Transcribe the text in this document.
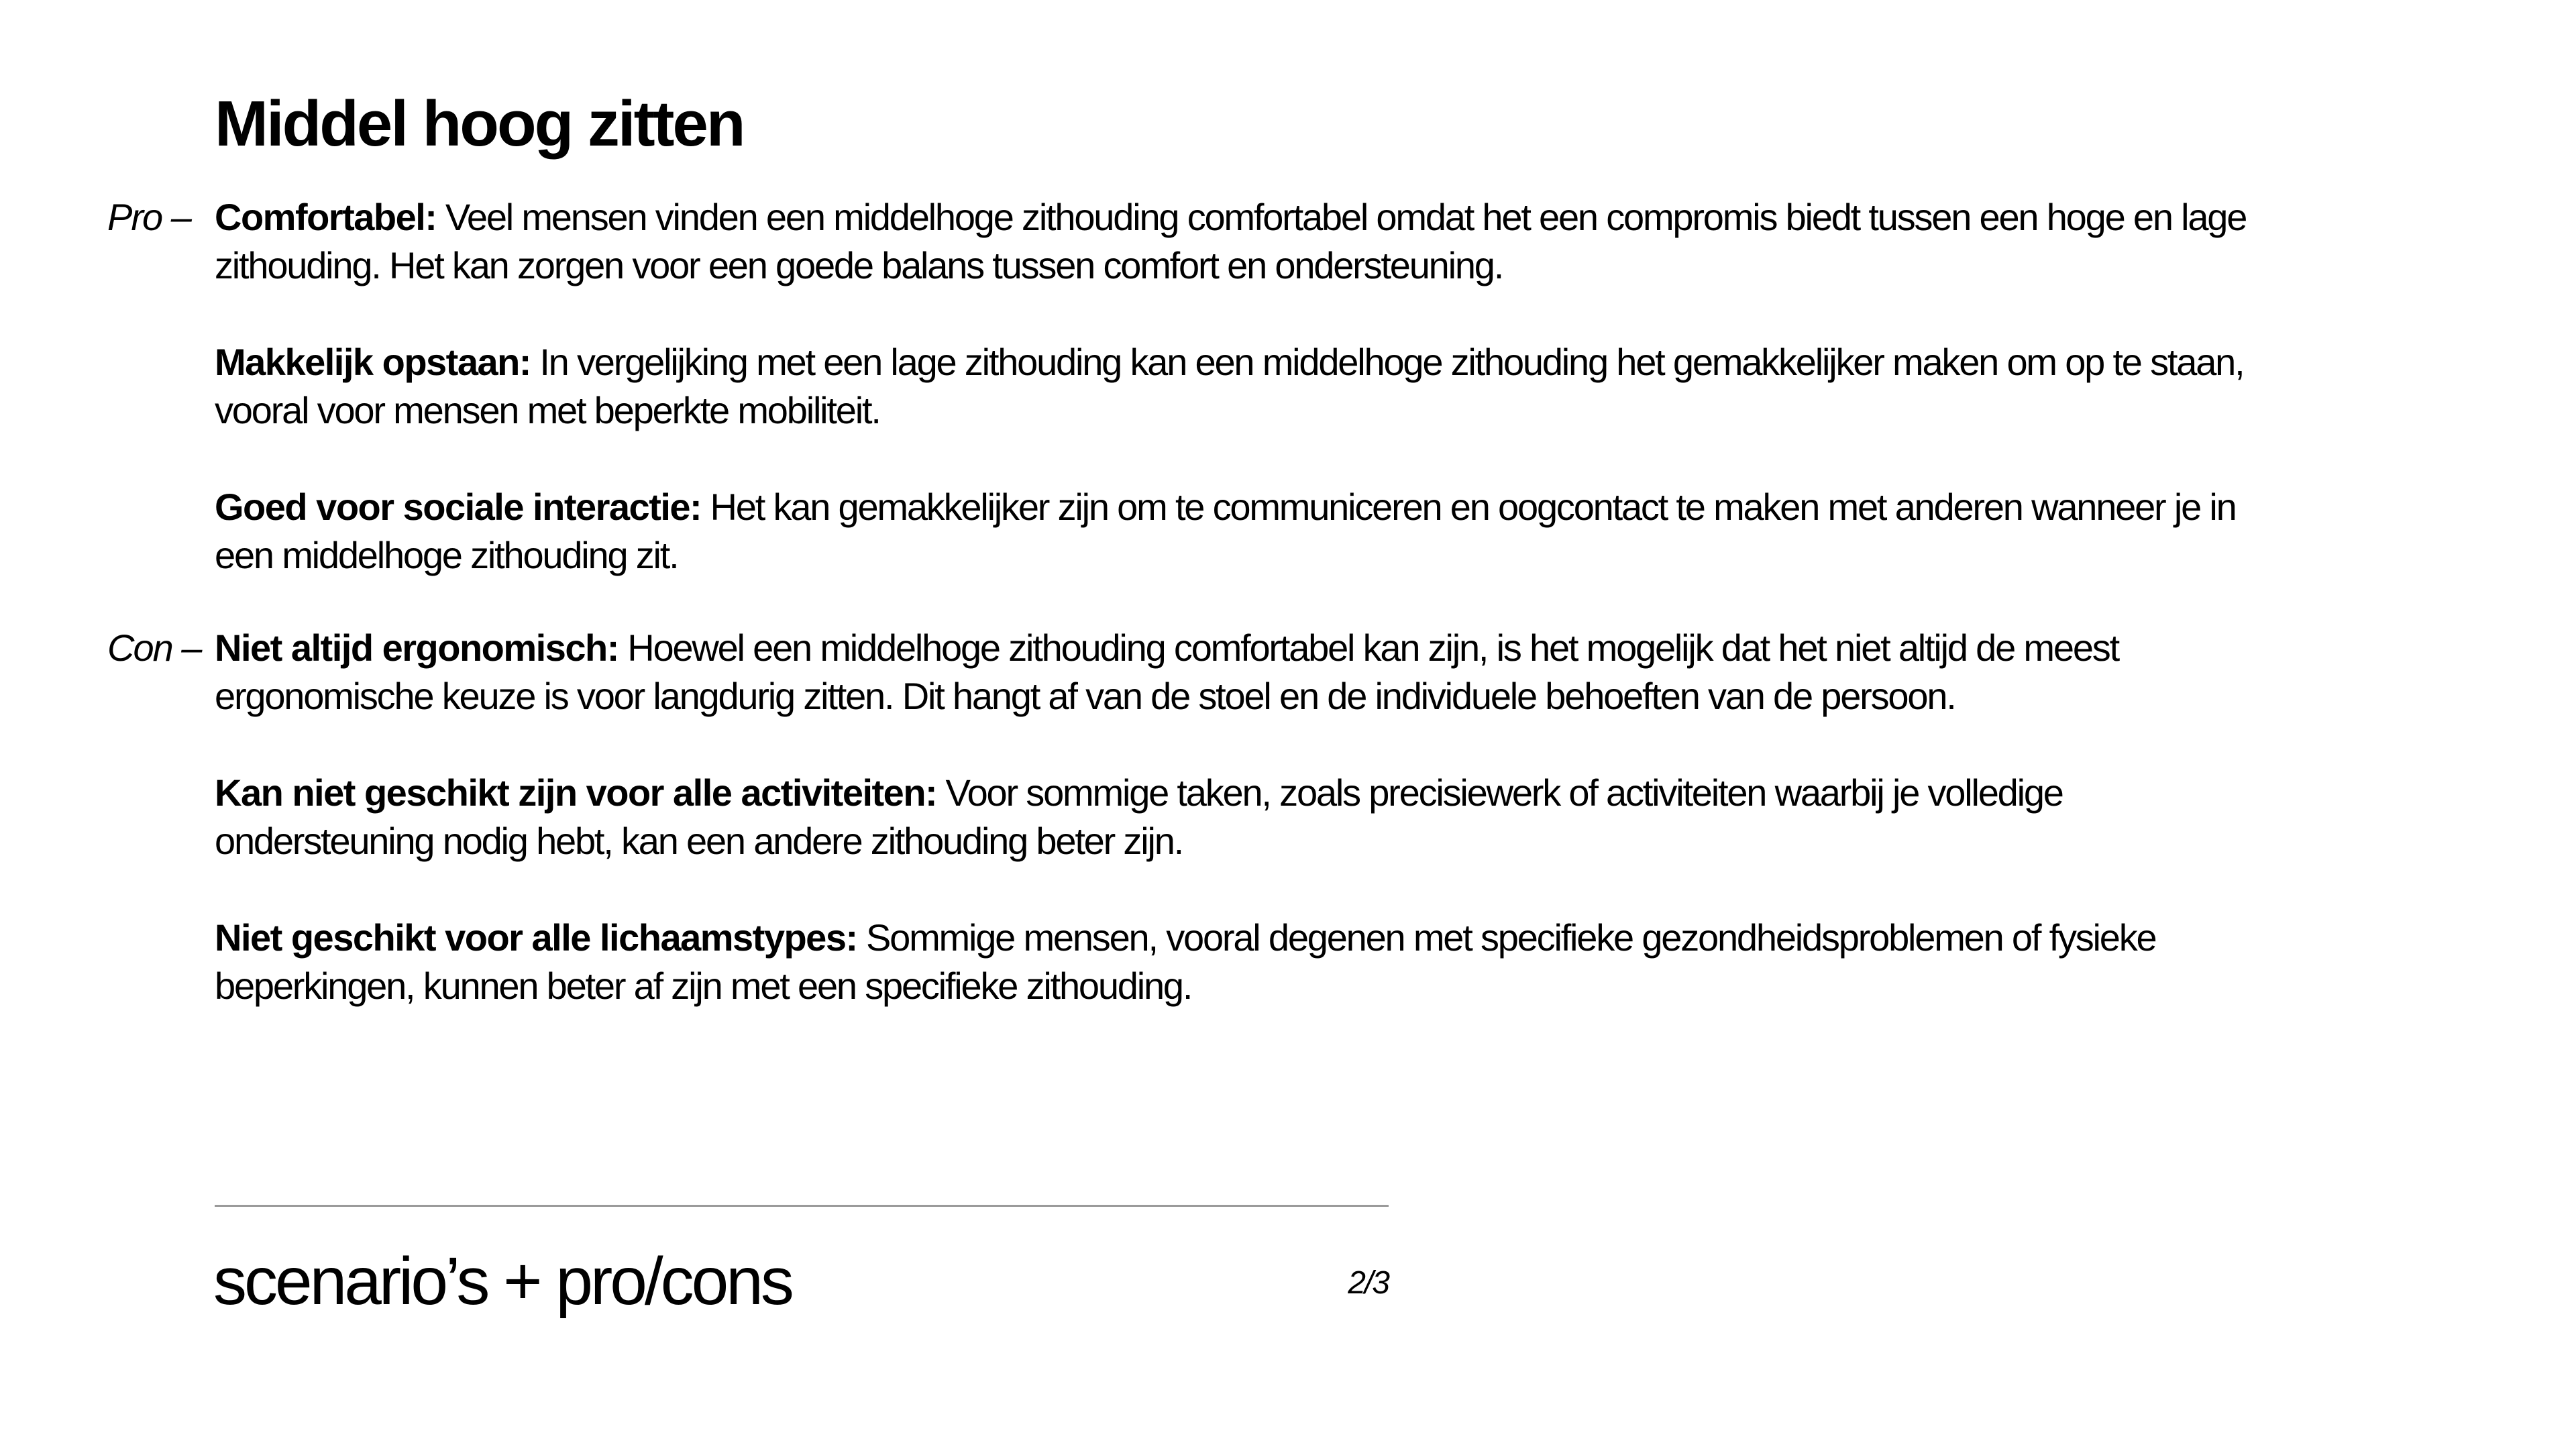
Middel hoog zitten
Pro – Comfortabel: Veel mensen vinden een middelhoge zithouding comfortabel omdat het een compromis biedt tussen een hoge en lage zithouding. Het kan zorgen voor een goede balans tussen comfort en ondersteuning.

Makkelijk opstaan: In vergelijking met een lage zithouding kan een middelhoge zithouding het gemakkelijker maken om op te staan, vooral voor mensen met beperkte mobiliteit.

Goed voor sociale interactie: Het kan gemakkelijker zijn om te communiceren en oogcontact te maken met anderen wanneer je in een middelhoge zithouding zit.

Con – Niet altijd ergonomisch: Hoewel een middelhoge zithouding comfortabel kan zijn, is het mogelijk dat het niet altijd de meest ergonomische keuze is voor langdurig zitten. Dit hangt af van de stoel en de individuele behoeften van de persoon.

Kan niet geschikt zijn voor alle activiteiten: Voor sommige taken, zoals precisiewerk of activiteiten waarbij je volledige ondersteuning nodig hebt, kan een andere zithouding beter zijn.

Niet geschikt voor alle lichaamstypes: Sommige mensen, vooral degenen met specifieke gezondheidsproblemen of fysieke beperkingen, kunnen beter af zijn met een specifieke zithouding.

scenario’s + pro/cons	2/3
